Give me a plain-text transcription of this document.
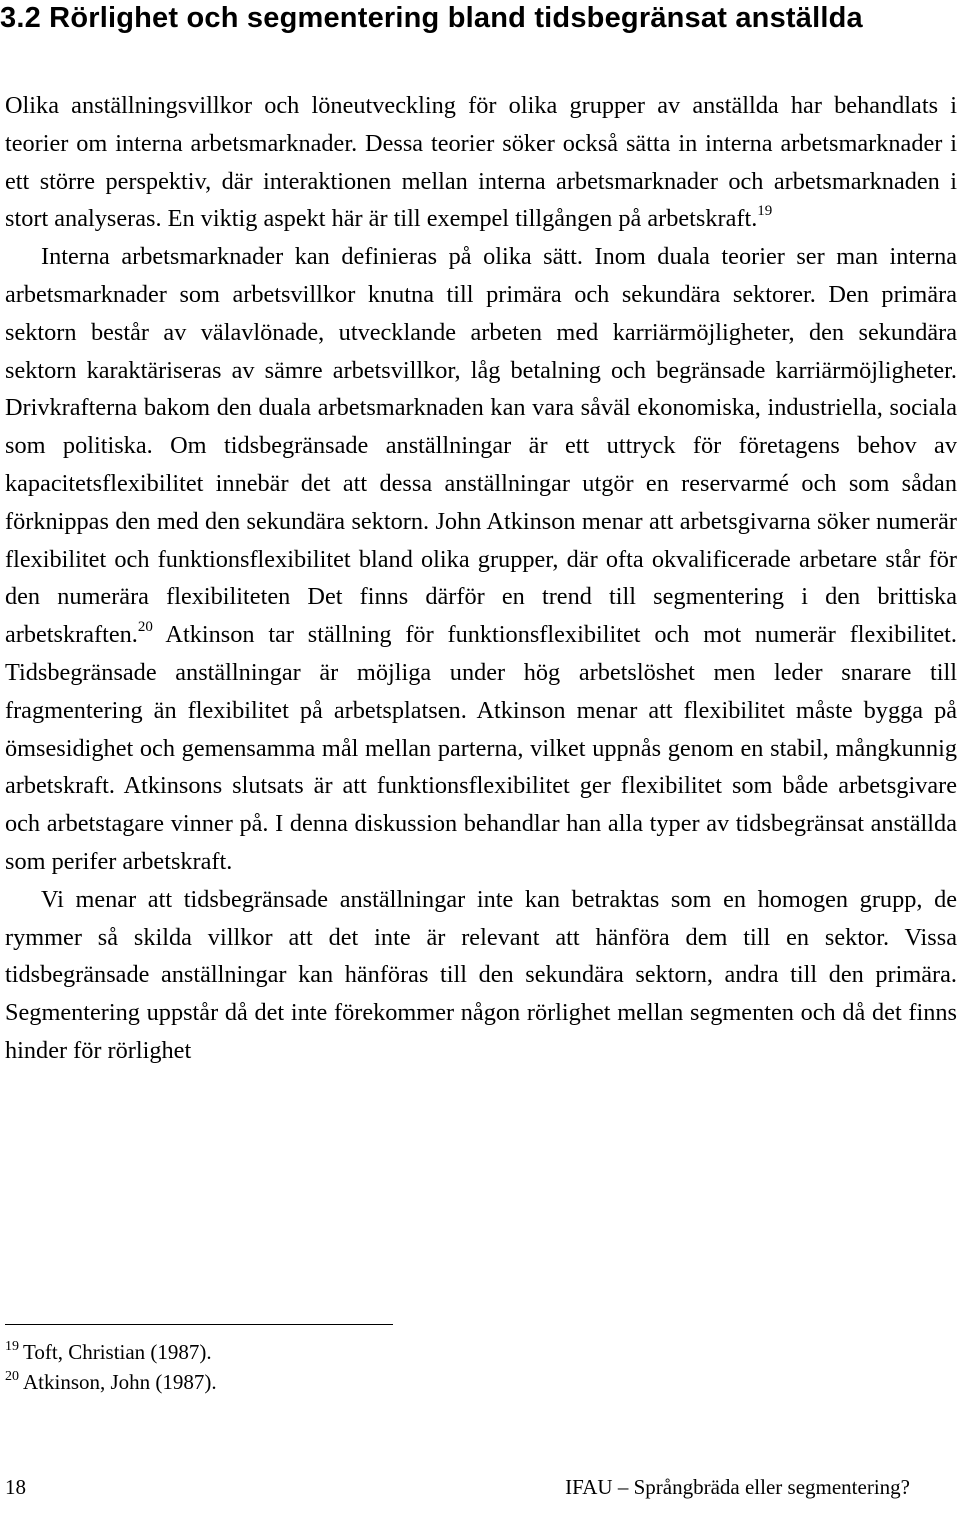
3.2 Rörlighet och segmentering bland tidsbegränsat anställda

Olika anställningsvillkor och löneutveckling för olika grupper av anställda har behandlats i teorier om interna arbetsmarknader. Dessa teorier söker också sätta in interna arbetsmarknader i ett större perspektiv, där interaktionen mellan interna arbetsmarknader och arbetsmarknaden i stort analyseras. En viktig aspekt här är till exempel tillgången på arbetskraft.$^{19}$

Interna arbetsmarknader kan definieras på olika sätt. Inom duala teorier ser man interna arbetsmarknader som arbetsvillkor knutna till primära och sekundära sektorer. Den primära sektorn består av välavlönade, utvecklande arbeten med karriärmöjligheter, den sekundära sektorn karaktäriseras av sämre arbetsvillkor, låg betalning och begränsade karriärmöjligheter. Drivkrafterna bakom den duala arbetsmarknaden kan vara såväl ekonomiska, industriella, sociala som politiska. Om tidsbegränsade anställningar är ett uttryck för företagens behov av kapacitetsflexibilitet innebär det att dessa anställningar utgör en reservarmé och som sådan förknippas den med den sekundära sektorn. John Atkinson menar att arbetsgivarna söker numerär flexibilitet och funktionsflexibilitet bland olika grupper, där ofta okvalificerade arbetare står för den numerära flexibiliteten Det finns därför en trend till segmentering i den brittiska arbetskraften.$^{20}$ Atkinson tar ställning för funktionsflexibilitet och mot numerär flexibilitet. Tidsbegränsade anställningar är möjliga under hög arbetslöshet men leder snarare till fragmentering än flexibilitet på arbetsplatsen. Atkinson menar att flexibilitet måste bygga på ömsesidighet och gemensamma mål mellan parterna, vilket uppnås genom en stabil, mångkunnig arbetskraft. Atkinsons slutsats är att funktionsflexibilitet ger flexibilitet som både arbetsgivare och arbetstagare vinner på. I denna diskussion behandlar han alla typer av tidsbegränsat anställda som perifer arbetskraft.

Vi menar att tidsbegränsade anställningar inte kan betraktas som en homogen grupp, de rymmer så skilda villkor att det inte är relevant att hänföra dem till en sektor. Vissa tidsbegränsade anställningar kan hänföras till den sekundära sektorn, andra till den primära. Segmentering uppstår då det inte förekommer någon rörlighet mellan segmenten och då det finns hinder för rörlighet

$^{19}$ Toft, Christian (1987).
$^{20}$ Atkinson, John (1987).
18	IFAU – Språngbräda eller segmentering?
